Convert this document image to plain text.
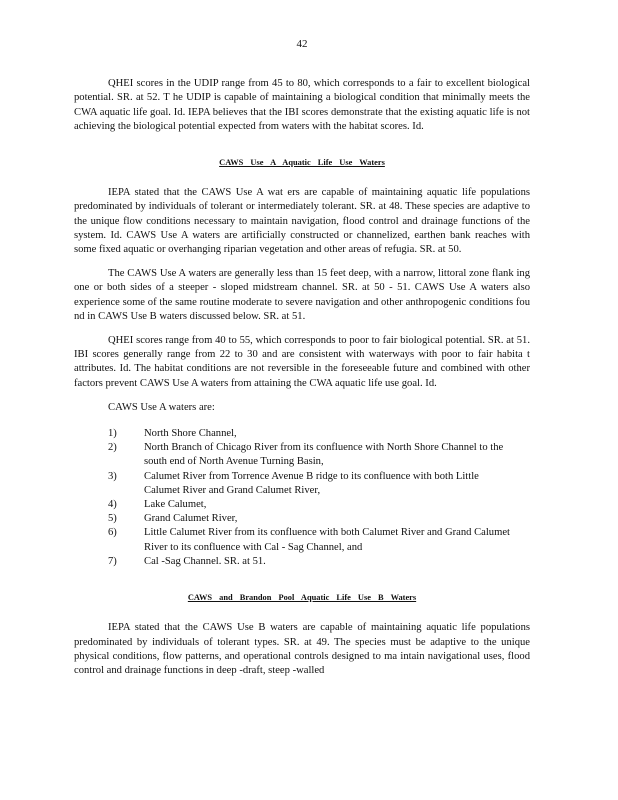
42

QHEI scores in the UDIP range from 45 to 80, which corresponds to a fair to excellent biological potential. SR. at 52. T he UDIP is capable of maintaining a biological condition that minimally meets the CWA aquatic life goal. Id. IEPA believes that the IBI scores demonstrate that the existing aquatic life is not achieving the biological potential expected from waters with the habitat scores. Id.

CAWS Use A Aquatic Life Use Waters

IEPA stated that the CAWS Use A wat ers are capable of maintaining aquatic life populations predominated by individuals of tolerant or intermediately tolerant. SR. at 48. These species are adaptive to the unique flow conditions necessary to maintain navigation, flood control and drainage functions of the system. Id. CAWS Use A waters are artificially constructed or channelized, earthen bank reaches with some fixed aquatic or overhanging riparian vegetation and other areas of refugia. SR. at 50.

The CAWS Use A waters are generally less than 15 feet deep, with a narrow, littoral zone flank ing one or both sides of a steeper - sloped midstream channel. SR. at 50 - 51. CAWS Use A waters also experience some of the same routine moderate to severe navigation and other anthropogenic conditions fou nd in CAWS Use B waters discussed below. SR. at 51.

QHEI scores range from 40 to 55, which corresponds to poor to fair biological potential. SR. at 51. IBI scores generally range from 22 to 30 and are consistent with waterways with poor to fair habita t attributes. Id. The habitat conditions are not reversible in the foreseeable future and combined with other factors prevent CAWS Use A waters from attaining the CWA aquatic life use goal. Id.

CAWS Use A waters are:
1)	North Shore Channel,
2)	North Branch of Chicago River from its confluence with North Shore Channel to the south end of North Avenue Turning Basin,
3)	Calumet River from Torrence Avenue B ridge to its confluence with both Little Calumet River and Grand Calumet River,
4)	Lake Calumet,
5)	Grand Calumet River,
6)	Little Calumet River from its confluence with both Calumet River and Grand Calumet River to its confluence with Cal - Sag Channel, and
7)	Cal -Sag Channel. SR. at 51.
CAWS and Brandon Pool Aquatic Life Use B Waters

IEPA stated that the CAWS Use B waters are capable of maintaining aquatic life populations predominated by individuals of tolerant types. SR. at 49. The species must be adaptive to the unique physical conditions, flow patterns, and operational controls designed to ma intain navigational uses, flood control and drainage functions in deep -draft, steep -walled
